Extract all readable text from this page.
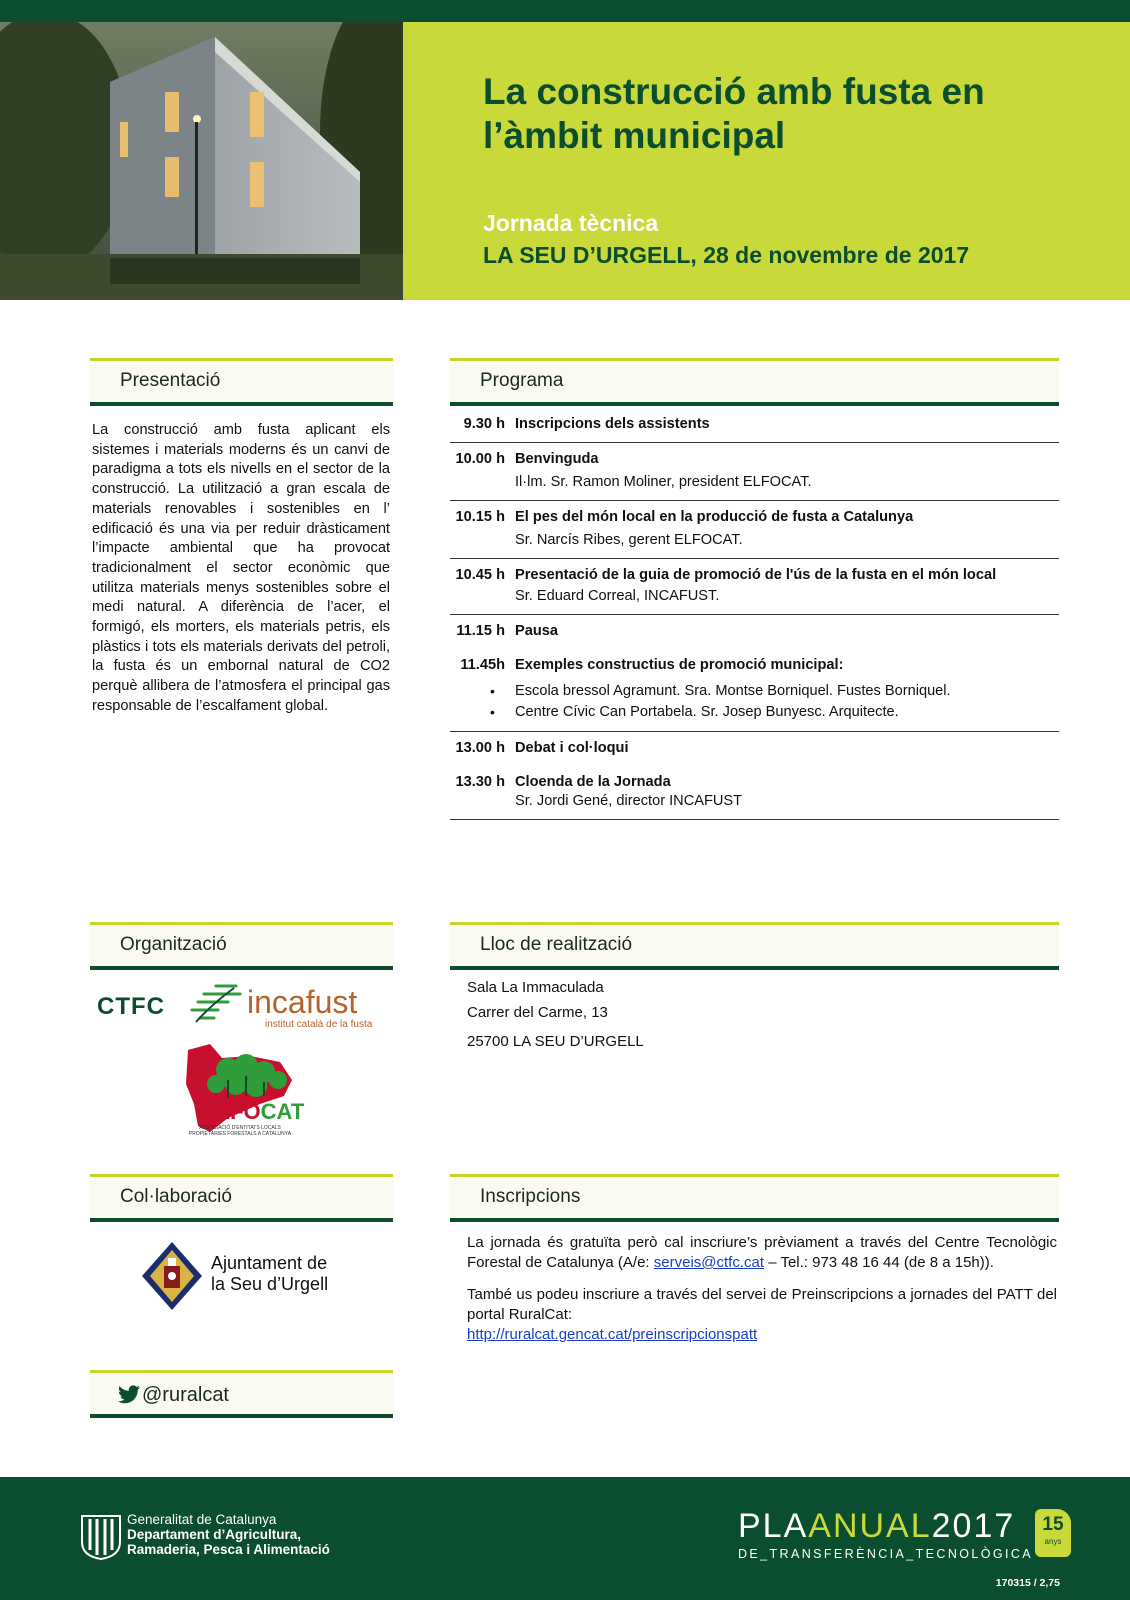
La construcció amb fusta en l’àmbit municipal
Jornada tècnica
LA SEU D’URGELL, 28 de novembre de 2017
Presentació
La construcció amb fusta aplicant els sistemes i materials moderns és un canvi de paradigma a tots els nivells en el sector de la construcció. La utilització a gran escala de materials renovables i sostenibles en l’ edificació és una via per reduir dràsticament l’impacte ambiental que ha provocat tradicionalment el sector econòmic que utilitza materials menys sostenibles sobre el medi natural. A diferència de l’acer, el formigó, els morters, els materials petris, els plàstics i tots els materials derivats del petroli, la fusta és un embornal natural de CO2 perquè allibera de l’atmosfera el principal gas responsable de l’escalfament global.
Programa
9.30 h Inscripcions dels assistents
10.00 h Benvinguda
Il·lm. Sr. Ramon Moliner, president ELFOCAT.
10.15 h El pes del món local en la producció de fusta a Catalunya
Sr. Narcís Ribes, gerent ELFOCAT.
10.45 h Presentació de la guia de promoció de l'ús de la fusta en el món local
Sr. Eduard Correal, INCAFUST.
11.15 h Pausa
11.45h Exemples constructius de promoció municipal:
• Escola bressol Agramunt. Sra. Montse Borniquel. Fustes Borniquel.
• Centre Cívic Can Portabela. Sr. Josep Bunyesc. Arquitecte.
13.00 h Debat i col·loqui
13.30 h Cloenda de la Jornada
Sr. Jordi Gené, director INCAFUST
Organització
CTFC	incafust
institut català de la fusta
ELFOCAT
ASSOCIACIÓ D'ENTITATS LOCALS PROPIETÀRIES FORESTALS A CATALUNYA
Lloc de realització
Sala La Immaculada
Carrer del Carme, 13
25700 LA SEU D’URGELL
Col·laboració
Ajuntament de
la Seu d’Urgell
@ruralcat
Inscripcions

La jornada és gratuïta però cal inscriure’s prèviament a través del Centre Tecnològic Forestal de Catalunya (A/e: serveis@ctfc.cat – Tel.: 973 48 16 44 (de 8 a 15h)).

També us podeu inscriure a través del servei de Preinscripcions a jornades del PATT del portal RuralCat:
http://ruralcat.gencat.cat/preinscripcionspatt

Generalitat de Catalunya
Departament d’Agricultura,
Ramaderia, Pesca i Alimentació
PLAANUAL2017
DE_TRANSFERÈNCIA_TECNOLÒGICA
15
anys
170315 / 2,75
